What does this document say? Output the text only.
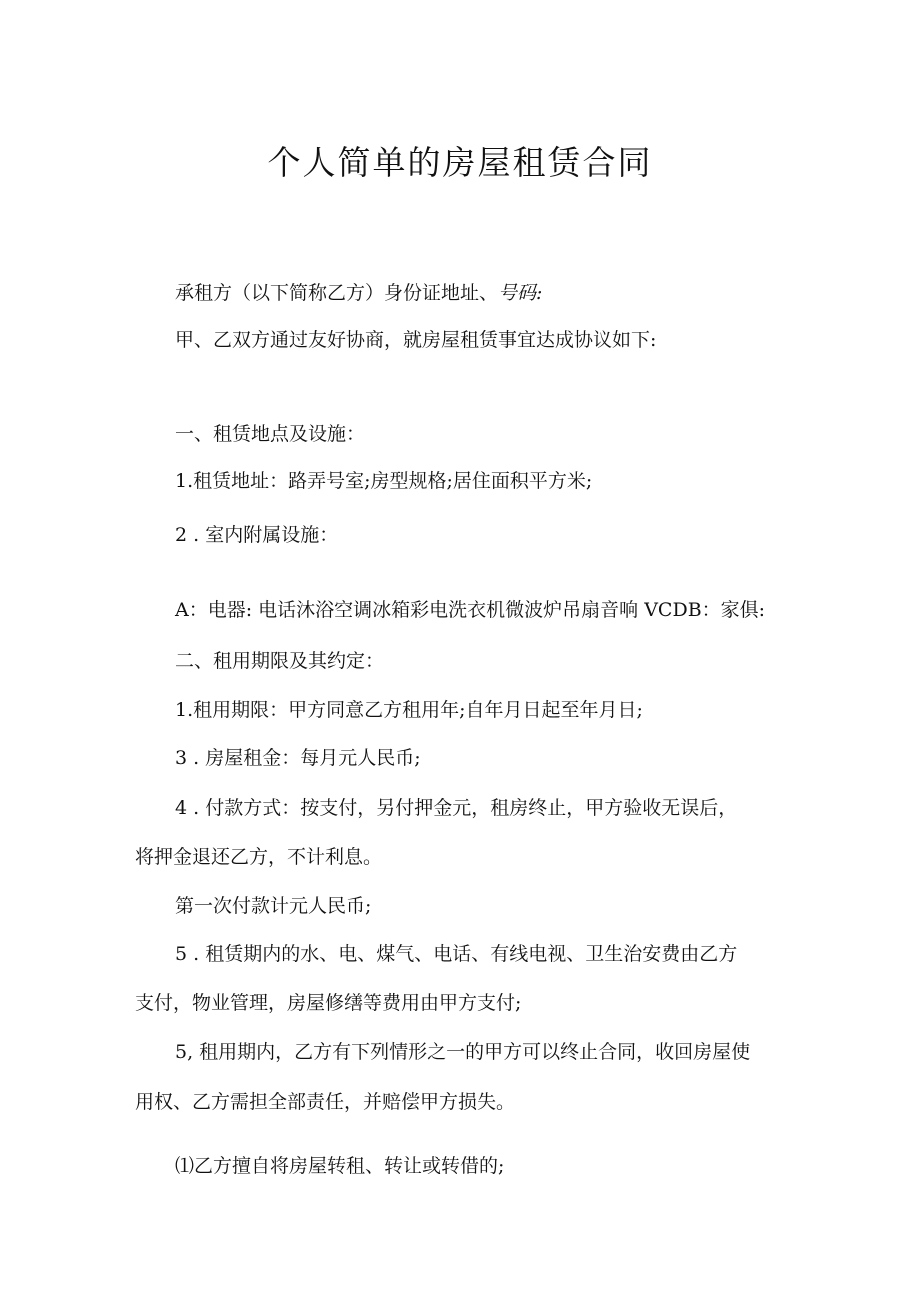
个人简单的房屋租赁合同
承租方（以下简称乙方）身份证地址、号码:
甲、乙双方通过友好协商，就房屋租赁事宜达成协议如下:
一、租赁地点及设施：
1.租赁地址：路弄号室;房型规格;居住面积平方米;
2 . 室内附属设施：
A：电器: 电话沐浴空调冰箱彩电洗衣机微波炉吊扇音响 VCDB：家俱:
二、租用期限及其约定：
1.租用期限：甲方同意乙方租用年;自年月日起至年月日;
3 . 房屋租金：每月元人民币;
4 . 付款方式：按支付，另付押金元，租房终止，甲方验收无误后，
将押金退还乙方，不计利息。
第一次付款计元人民币;
5 . 租赁期内的水、电、煤气、电话、有线电视、卫生治安费由乙方
支付，物业管理，房屋修缮等费用由甲方支付;
5, 租用期内，乙方有下列情形之一的甲方可以终止合同，收回房屋使
用权、乙方需担全部责任，并赔偿甲方损失。
⑴乙方擅自将房屋转租、转让或转借的;
